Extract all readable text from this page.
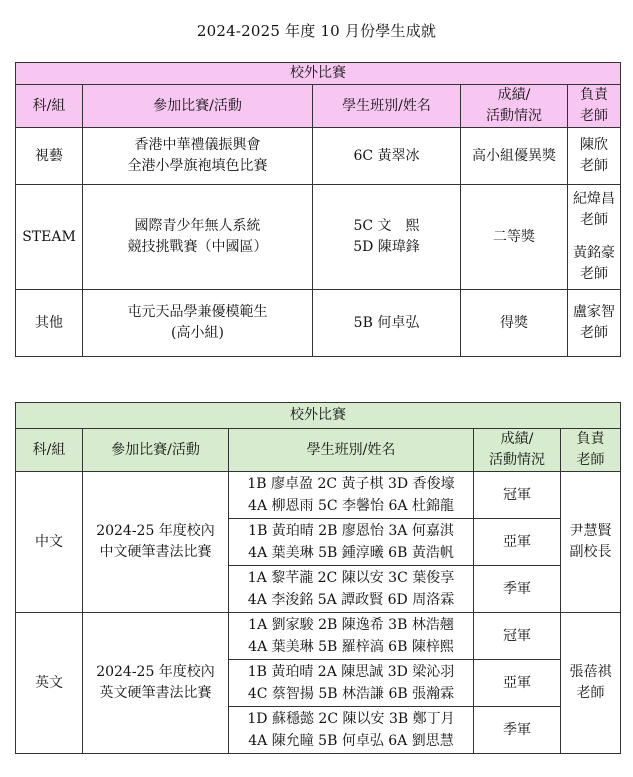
2024-2025 年度 10 月份學生成就
校外比賽				
科/組	參加比賽/活動	學生班別/姓名	成績/
活動情況	負責
老師
視藝	香港中華禮儀振興會
全港小學旗袍填色比賽	6C 黃翠冰	高小組優異獎	陳欣
老師
STEAM	國際青少年無人系統
競技挑戰賽（中國區）	5C 文　熙
5D 陳瑋鋒	二等獎	紀煒昌
老師
黃銘豪
老師
其他	屯元天品學兼優模範生
(高小組)	5B 何卓弘	得獎	盧家智
老師
校外比賽				
科/組	參加比賽/活動	學生班別/姓名	成績/
活動情況	負責
老師
中文	2024-25 年度校內
中文硬筆書法比賽	1B 廖卓盈 2C 黃子棋 3D 香俊壕
4A 柳恩雨 5C 李馨怡 6A 杜錦龍	冠軍	尹慧賢
副校長
		1B 黃珀晴 2B 廖恩怡 3A 何嘉淇
4A 葉美琳 5B 鍾淳曦 6B 黃浩帆	亞軍	
		1A 黎芊瀧 2C 陳以安 3C 葉俊享
4A 李浚銘 5A 譚政賢 6D 周洛霖	季軍	
英文	2024-25 年度校內
英文硬筆書法比賽	1A 劉家駿 2B 陳逸希 3B 林浩翹
4A 葉美琳 5B 羅梓滈 6B 陳梓熙	冠軍	張蓓祺
老師
		1B 黃珀晴 2A 陳思誠 3D 梁沁羽
4C 蔡智揚 5B 林浩謙 6B 張瀚霖	亞軍	
		1D 蘇穩懿 2C 陳以安 3B 鄭丁月
4A 陳允瞳 5B 何卓弘 6A 劉思慧	季軍	
